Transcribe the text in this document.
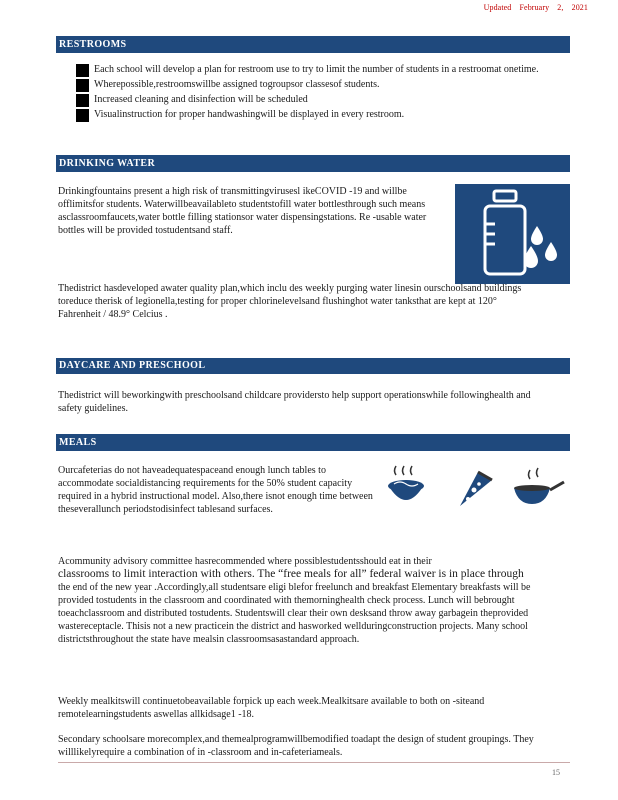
Updated February 2, 2021
RESTROOMS
Each school will develop a plan for restroom use to try to limit the number of students in a restroomat onetime.
Wherepossible,restroomswillbe assigned togroupsor classesof students.
Increased cleaning and disinfection will be scheduled
Visualinstruction for proper handwashingwill be displayed in every restroom.
DRINKING WATER

Drinkingfountains present a high risk of transmittingvirusesl ikeCOVID -19 and willbe offlimitsfor students. Waterwillbeavailableto studentstofill water bottlesthrough such means asclassroomfaucets,water bottle filling stationsor water dispensingstations. Re -usable water bottles will be provided tostudentsand staff.

Thedistrict hasdeveloped awater quality plan,which inclu des weekly purging water linesin ourschoolsand buildings toreduce therisk of legionella,testing for proper chlorinelevelsand flushinghot water tanksthat are kept at 120° Fahrenheit / 48.9° Celcius .

DAYCARE AND PRESCHOOL

Thedistrict will beworkingwith preschoolsand childcare providersto help support operationswhile followinghealth and safety guidelines.

MEALS

Ourcafeterias do not haveadequatespaceand enough lunch tables to accommodate socialdistancing requirements for the 50% student capacity required in a hybrid instructional model. Also,there isnot enough time between theseverallunch periodstodisinfect tablesand surfaces.

Acommunity advisory committee hasrecommended where possiblestudentsshould eat in their
classrooms to limit interaction with others. The “free meals for all” federal waiver is in place through
the end of the new year .Accordingly,all studentsare eligi blefor freelunch and breakfast Elementary breakfasts will be provided tostudents in the classroom and coordinated with themorninghealth check process. Lunch will bebrought toeachclassroom and distributed tostudents. Studentswill clear their own desksand throw away garbagein theprovided wastereceptacle. Thisis not a new practicein the district and hasworked wellduringconstruction projects. Many school districtsthroughout the state have mealsin classroomsasastandard approach.

Weekly mealkitswill continuetobeavailable forpick up each week.Mealkitsare available to both on -siteand remotelearningstudents aswellas allkidsage1 -18.

Secondary schoolsare morecomplex,and themealprogramwillbemodified toadapt the design of student groupings. They willlikelyrequire a combination of in -classroom and in-cafeteriameals.

15
